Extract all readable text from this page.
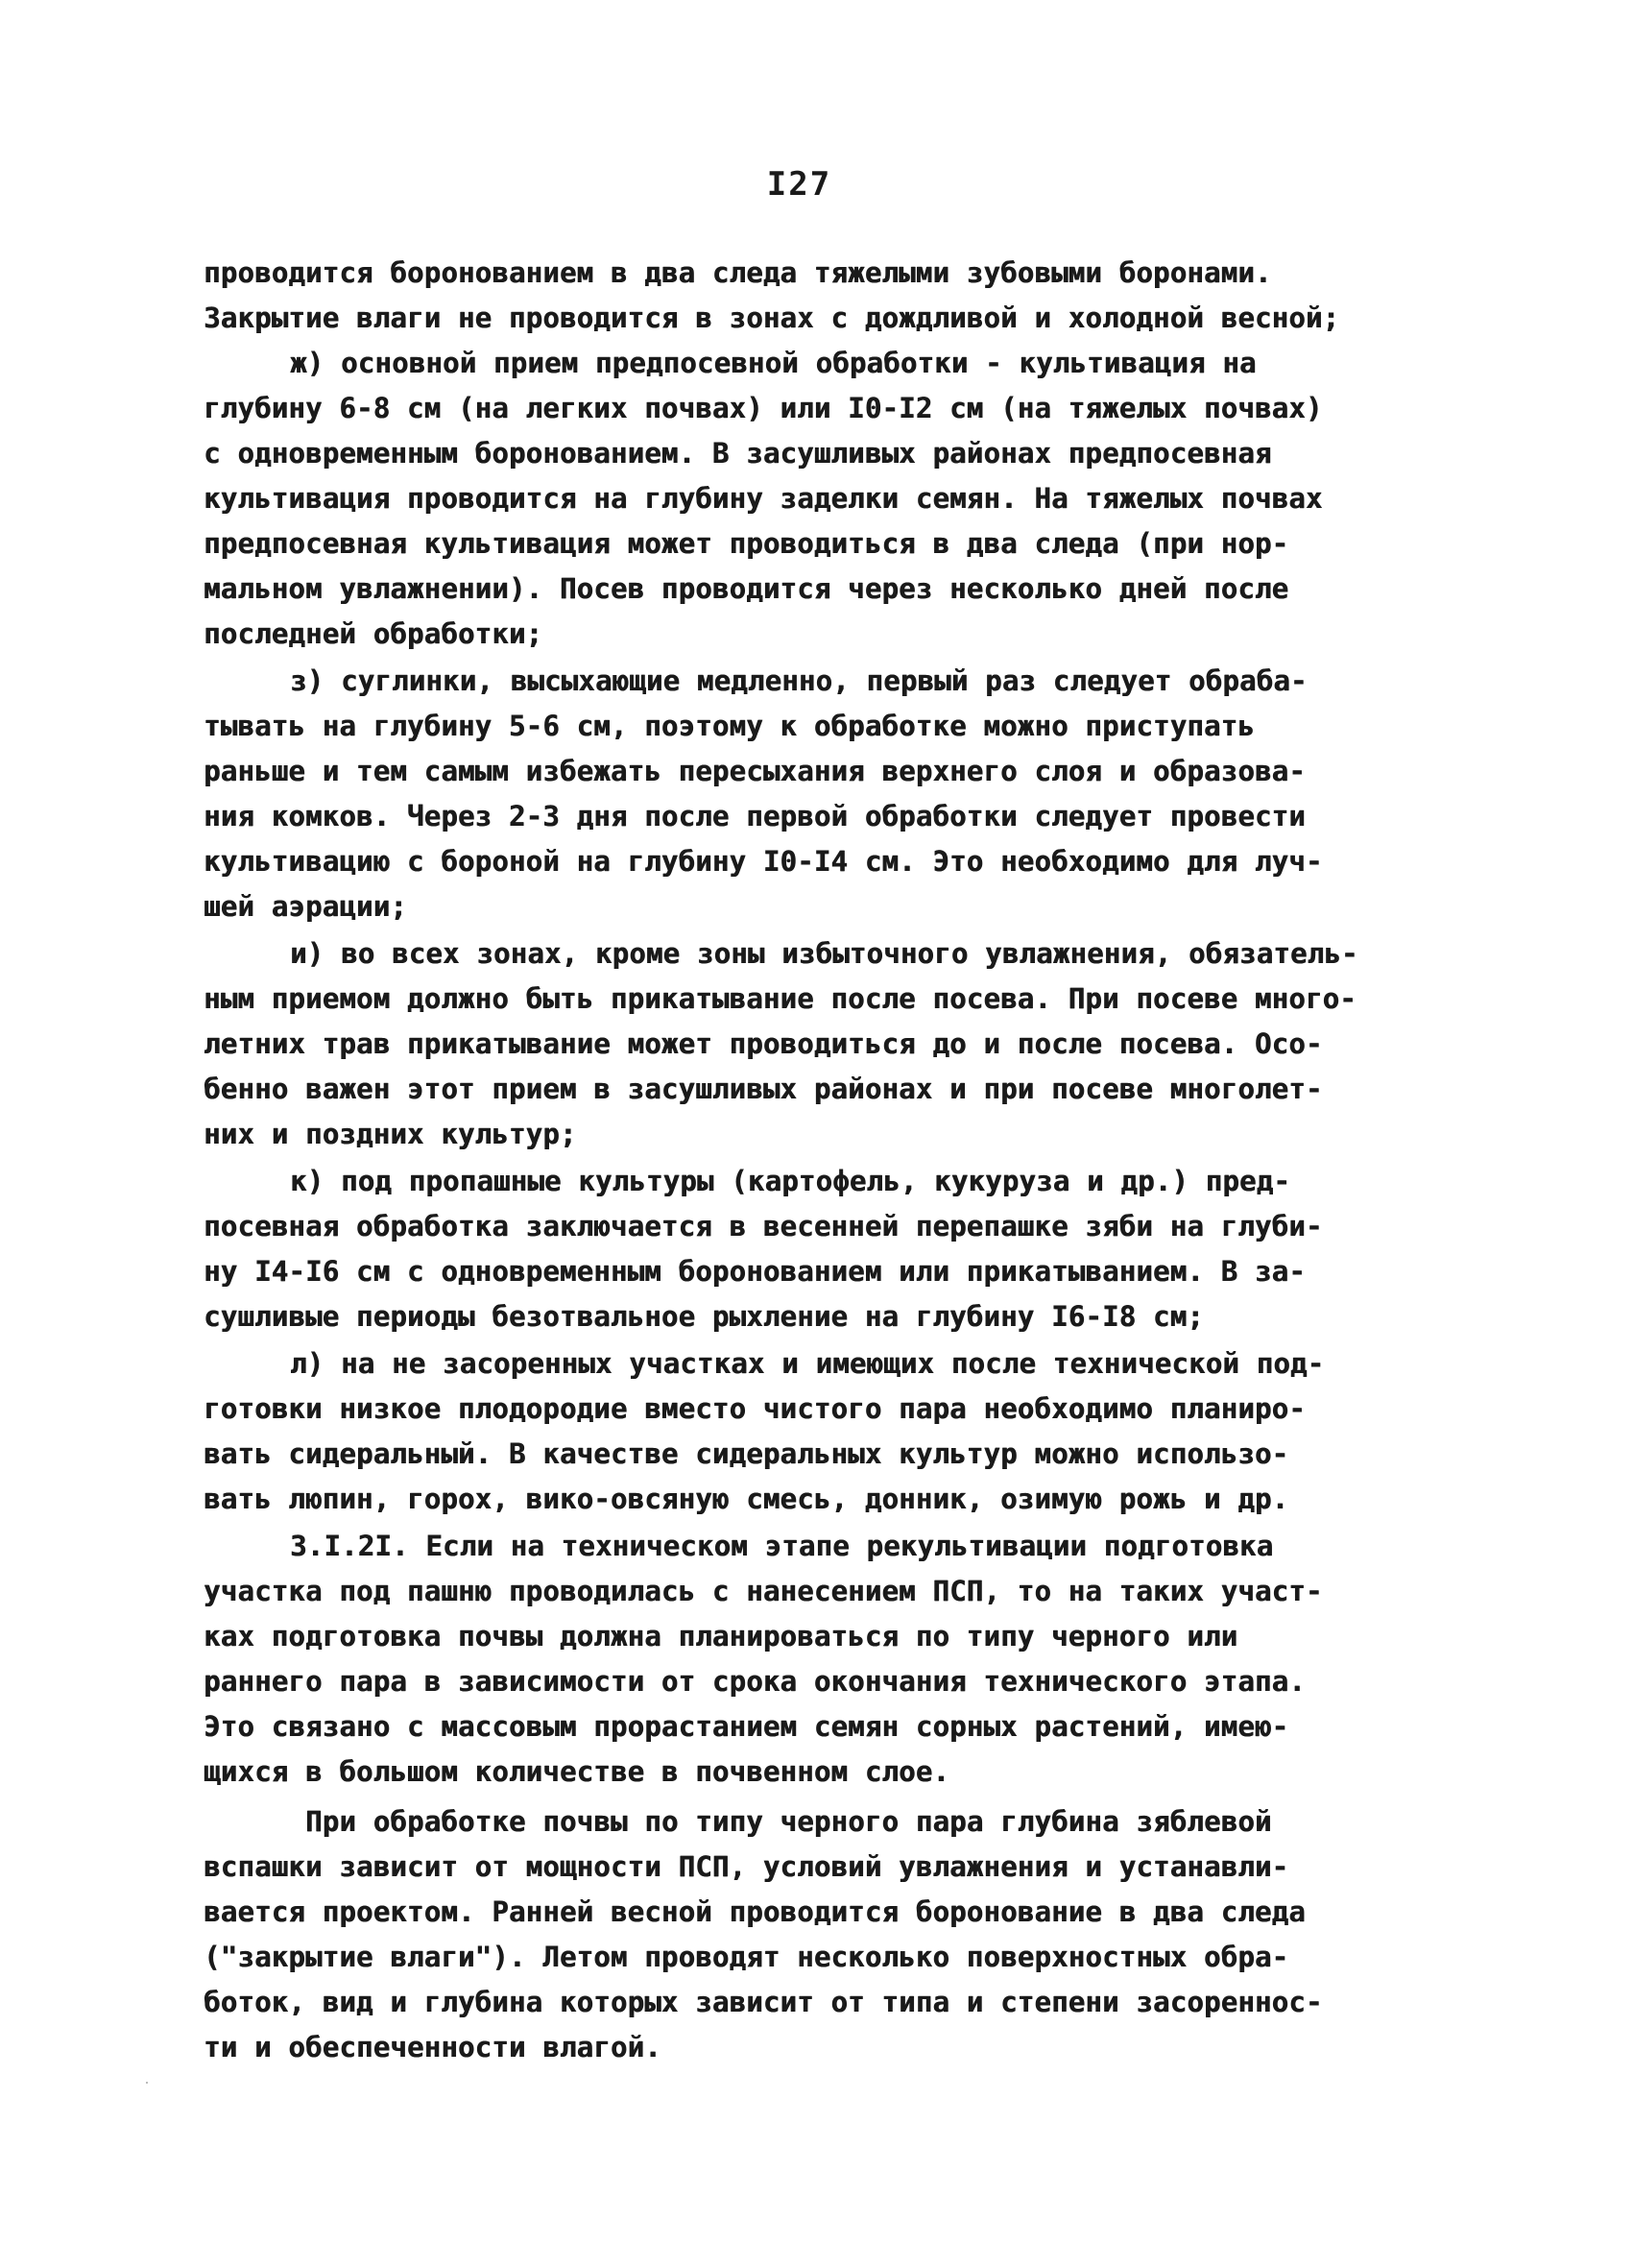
I27
проводится боронованием в два следа тяжелыми зубовыми боронами.
Закрытие влаги не проводится в зонах с дождливой и холодной весной;
ж) основной прием предпосевной обработки - культивация на
глубину 6-8 см (на легких почвах) или I0-I2 см (на тяжелых почвах)
с одновременным боронованием. В засушливых районах предпосевная
культивация проводится на глубину заделки семян. На тяжелых почвах
предпосевная культивация может проводиться в два следа (при нор-
мальном увлажнении). Посев проводится через несколько дней после
последней обработки;
з) суглинки, высыхающие медленно, первый раз следует обраба-
тывать на глубину 5-6 см, поэтому к обработке можно приступать
раньше и тем самым избежать пересыхания верхнего слоя и образова-
ния комков. Через 2-3 дня после первой обработки следует провести
культивацию с бороной на глубину I0-I4 см. Это необходимо для луч-
шей аэрации;
и) во всех зонах, кроме зоны избыточного увлажнения, обязатель-
ным приемом должно быть прикатывание после посева. При посеве много-
летних трав прикатывание может проводиться до и после посева. Осо-
бенно важен этот прием в засушливых районах и при посеве многолет-
них и поздних культур;
к) под пропашные культуры (картофель, кукуруза и др.) пред-
посевная обработка заключается в весенней перепашке зяби на глуби-
ну I4-I6 см с одновременным боронованием или прикатыванием. В за-
сушливые периоды безотвальное рыхление на глубину I6-I8 см;
л) на не засоренных участках и имеющих после технической под-
готовки низкое плодородие вместо чистого пара необходимо планиро-
вать сидеральный. В качестве сидеральных культур можно использо-
вать люпин, горох, вико-овсяную смесь, донник, озимую рожь и др.
3.I.2I. Если на техническом этапе рекультивации подготовка
участка под пашню проводилась с нанесением ПСП, то на таких участ-
ках подготовка почвы должна планироваться по типу черного или
раннего пара в зависимости от срока окончания технического этапа.
Это связано с массовым прорастанием семян сорных растений, имею-
щихся в большом количестве в почвенном слое.
При обработке почвы по типу черного пара глубина зяблевой
вспашки зависит от мощности ПСП, условий увлажнения и устанавли-
вается проектом. Ранней весной проводится боронование в два следа
("закрытие влаги"). Летом проводят несколько поверхностных обра-
боток, вид и глубина которых зависит от типа и степени засореннос-
ти и обеспеченности влагой.
